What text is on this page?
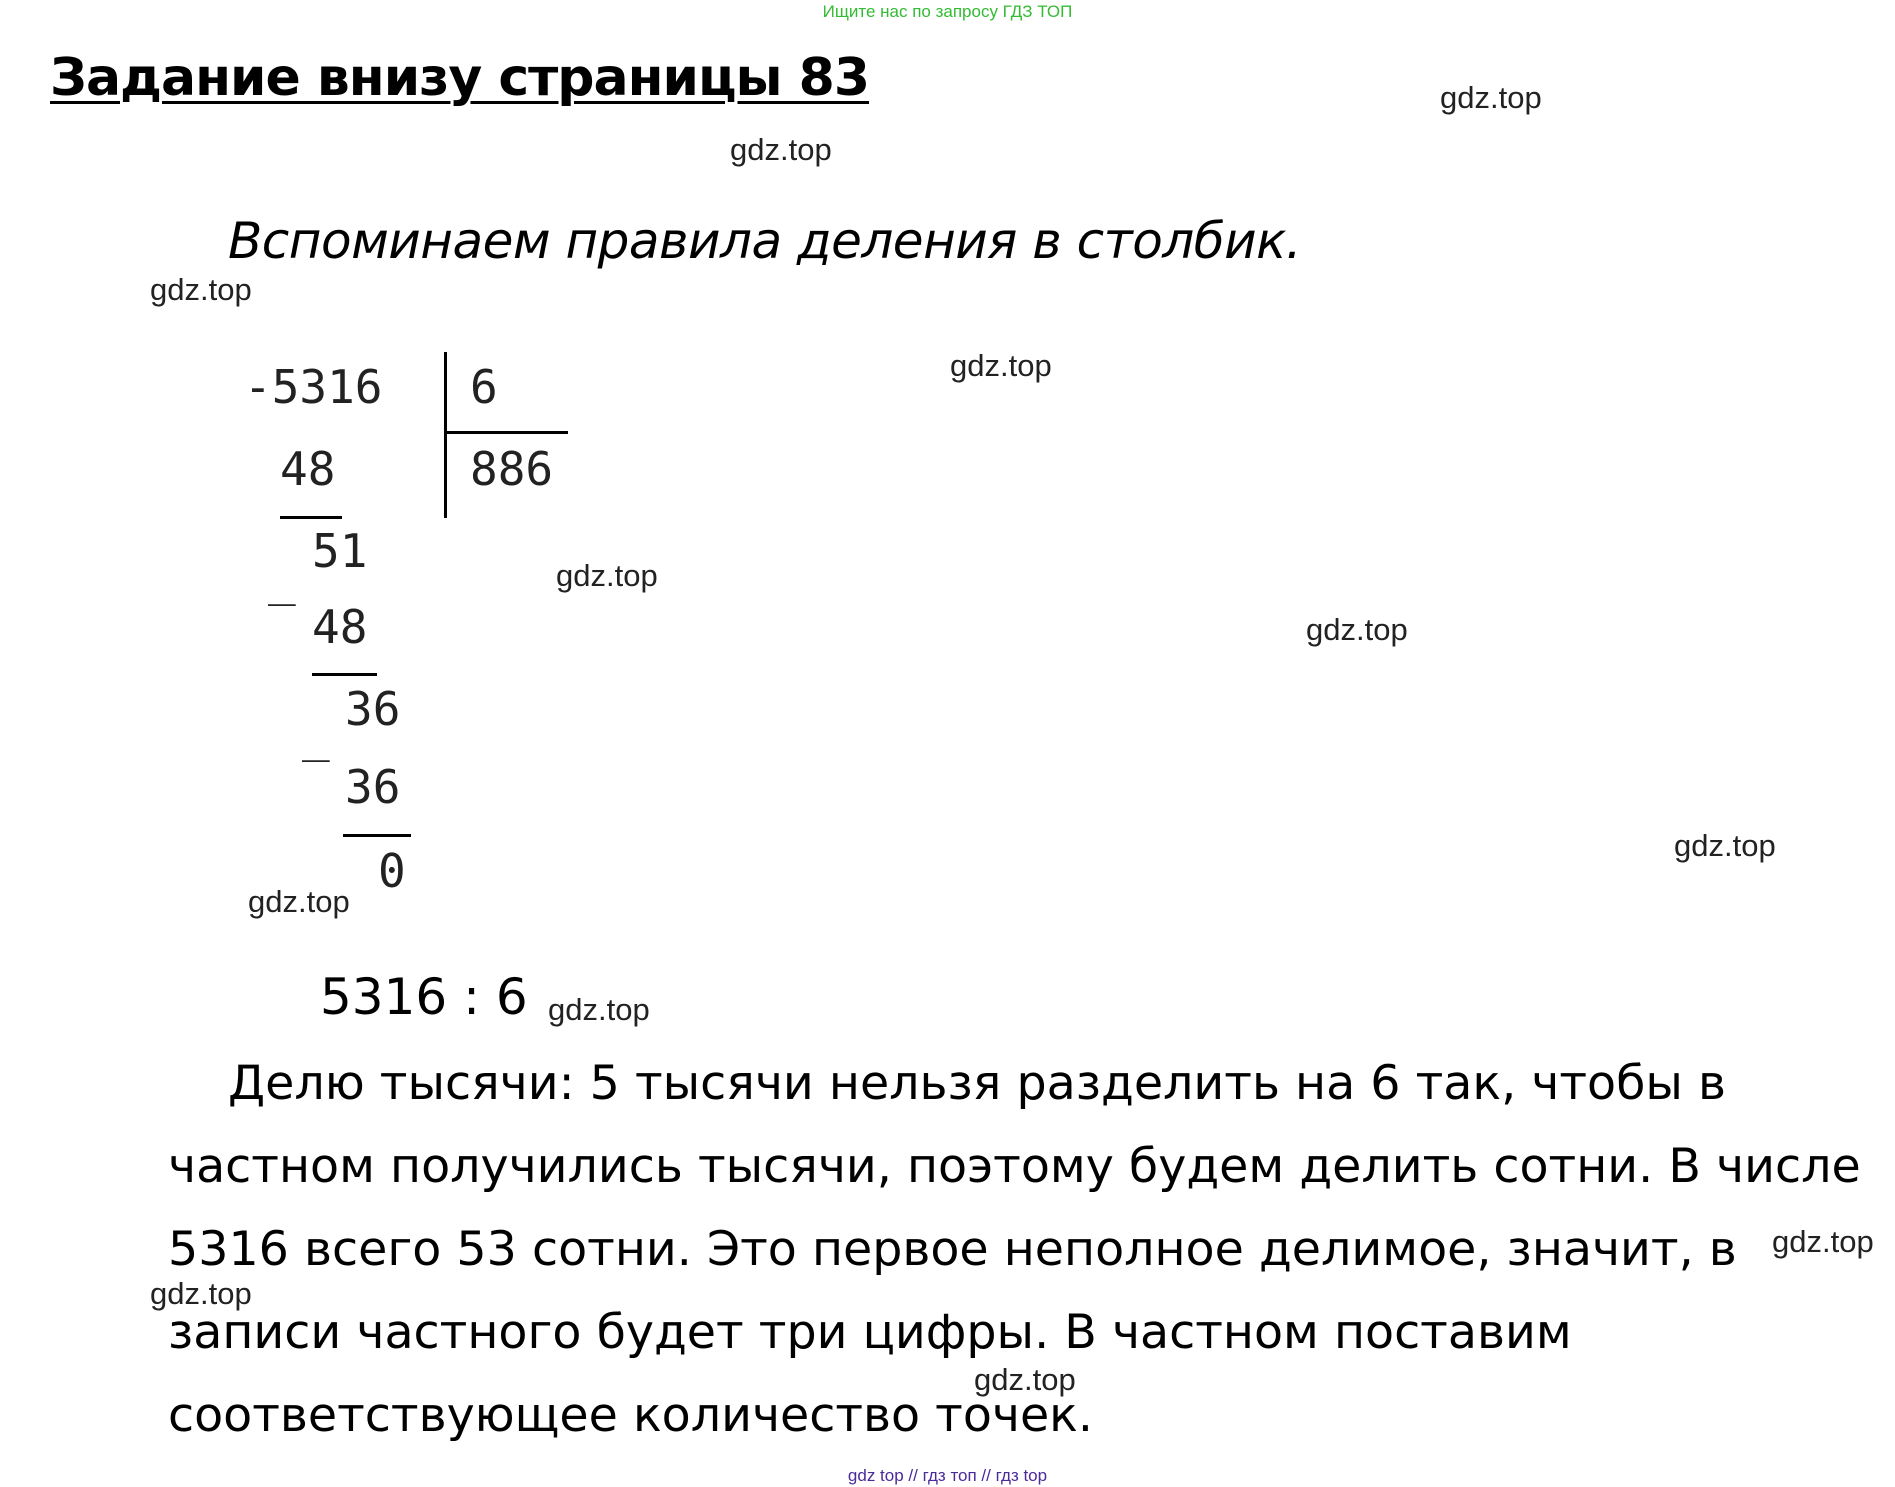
Ищите нас по запросу ГДЗ ТОП
Задание внизу страницы 83	gdz.top
gdz.top
gdz.top
gdz.top
gdz.top
gdz.top
gdz.top
gdz.top
gdz.top
gdz.top
gdz.top
gdz.top
Вспоминаем правила деления в столбик.
-5316 6
886
48
_
51
48
_ 36
36
0
5316 : 6
Делю тысячи: 5 тысячи нельзя разделить на 6 так, чтобы в
частном получились тысячи, поэтому будем делить сотни. В числе
5316 всего 53 сотни. Это первое неполное делимое, значит, в
записи частного будет три цифры. В частном поставим
соответствующее количество точек.
gdz top // гдз топ // гдз top
